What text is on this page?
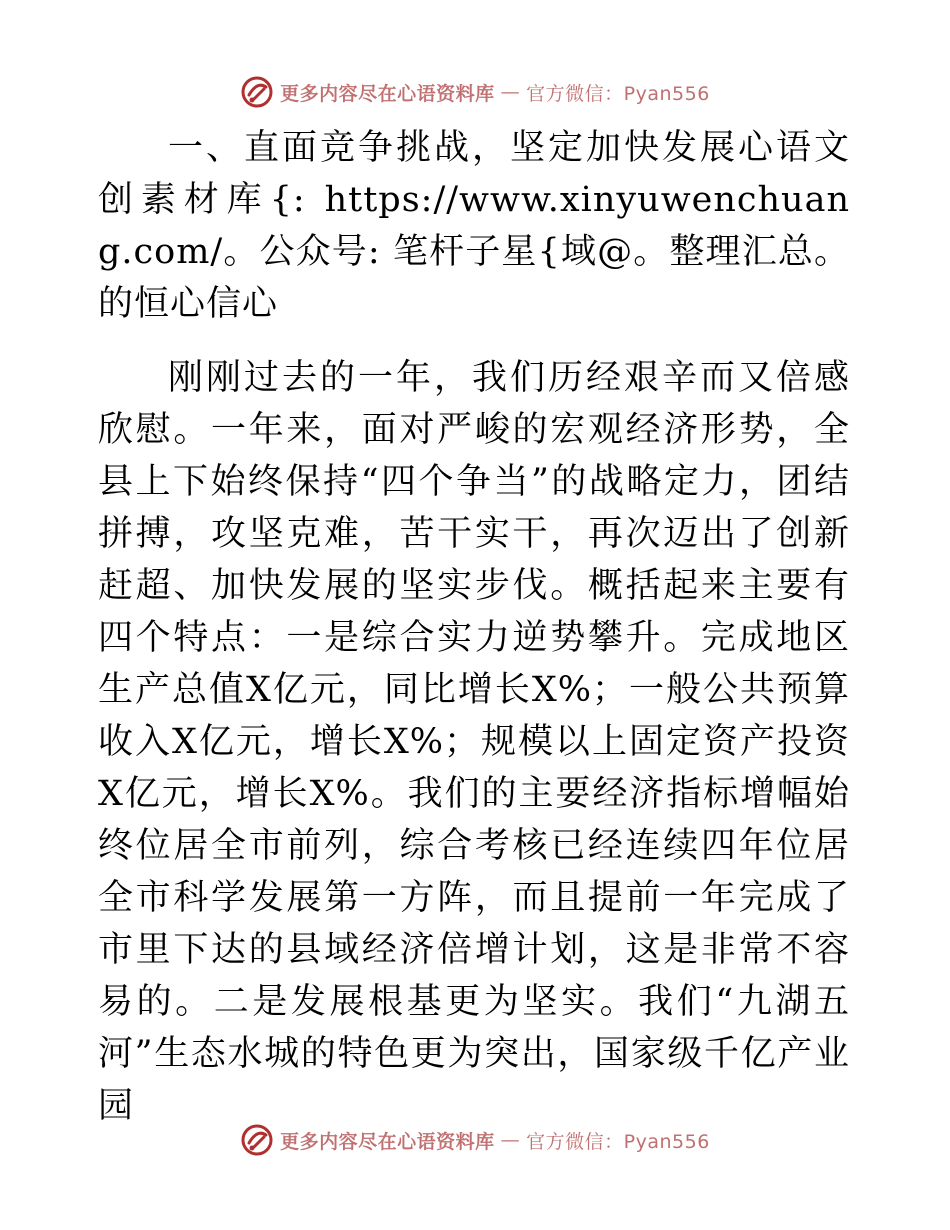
更多内容尽在心语资料库 — 官方微信：Pyan556

一、直面竞争挑战，坚定加快发展心语文创素材库{: https://www.xinyuwenchuang.com/。公众号: 笔杆子星{域@。整理汇总。的恒心信心

刚刚过去的一年，我们历经艰辛而又倍感欣慰。一年来，面对严峻的宏观经济形势，全县上下始终保持“四个争当”的战略定力，团结拼搏，攻坚克难，苦干实干，再次迈出了创新赶超、加快发展的坚实步伐。概括起来主要有四个特点：一是综合实力逆势攀升。完成地区生产总值X亿元，同比增长X%；一般公共预算收入X亿元，增长X%；规模以上固定资产投资X亿元，增长X%。我们的主要经济指标增幅始终位居全市前列，综合考核已经连续四年位居全市科学发展第一方阵，而且提前一年完成了市里下达的县域经济倍增计划，这是非常不容易的。二是发展根基更为坚实。我们“九湖五河”生态水城的特色更为突出，国家级千亿产业园

更多内容尽在心语资料库 — 官方微信：Pyan556
